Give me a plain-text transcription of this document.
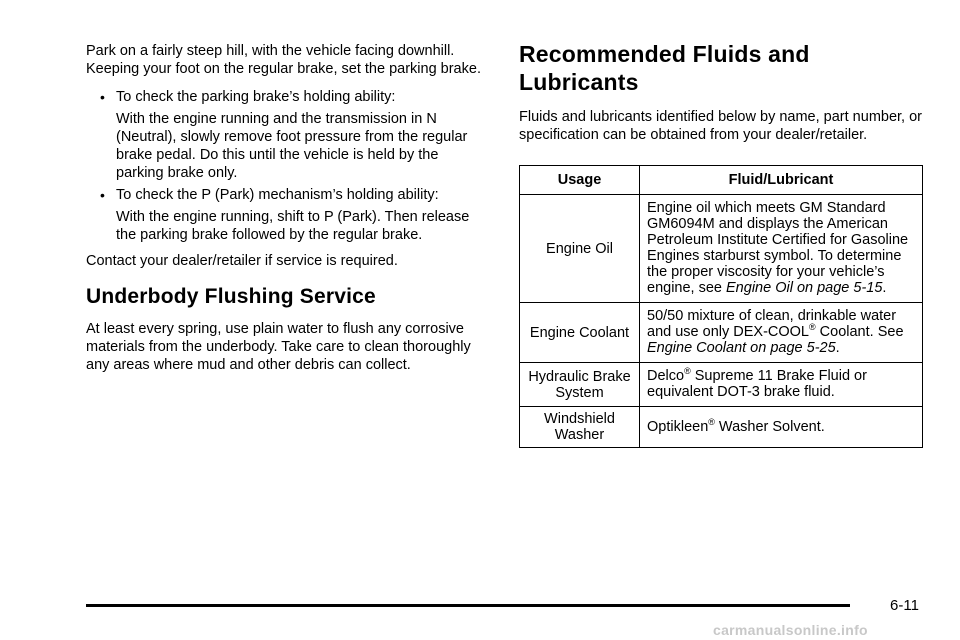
Park on a fairly steep hill, with the vehicle facing downhill. Keeping your foot on the regular brake, set the parking brake.

• To check the parking brake’s holding ability:

With the engine running and the transmission in N (Neutral), slowly remove foot pressure from the regular brake pedal. Do this until the vehicle is held by the parking brake only.

• To check the P (Park) mechanism’s holding ability:

With the engine running, shift to P (Park). Then release the parking brake followed by the regular brake.

Contact your dealer/retailer if service is required.

Underbody Flushing Service

At least every spring, use plain water to flush any corrosive materials from the underbody. Take care to clean thoroughly any areas where mud and other debris can collect.

Recommended Fluids and
Lubricants

Fluids and lubricants identified below by name, part number, or specification can be obtained from your dealer/retailer.

Usage	Fluid/Lubricant
Engine Oil	Engine oil which meets GM Standard GM6094M and displays the American Petroleum Institute Certified for Gasoline Engines starburst symbol. To determine the proper viscosity for your vehicle’s engine, see Engine Oil on page 5-15.
Engine Coolant	50/50 mixture of clean, drinkable water and use only DEX-COOL® Coolant. See Engine Coolant on page 5-25.
Hydraulic Brake
System	Delco® Supreme 11 Brake Fluid or equivalent DOT-3 brake fluid.
Windshield
Washer	Optikleen® Washer Solvent.
6-11
carmanualsonline.info
